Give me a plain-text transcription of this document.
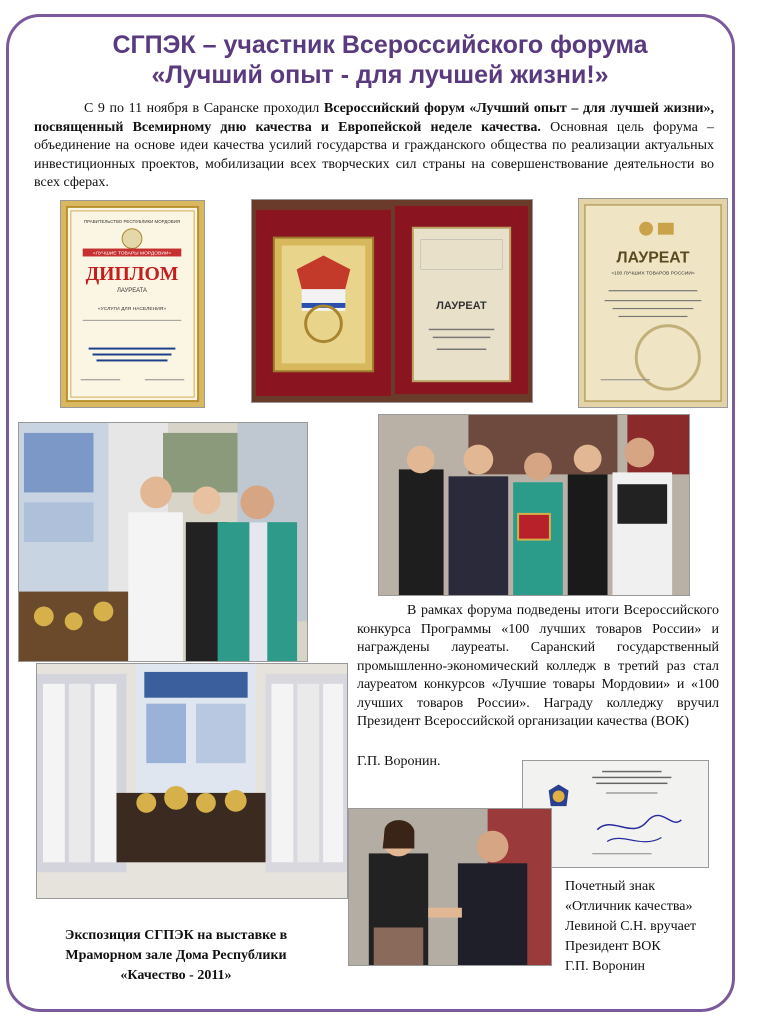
СГПЭК – участник Всероссийского форума
«Лучший опыт - для лучшей жизни!»
С 9 по 11 ноября в Саранске проходил Всероссийский форум «Лучший опыт – для лучшей жизни», посвященный Всемирному дню качества и Европейской неделе качества. Основная цель форума – объединение на основе идеи качества усилий государства и гражданского общества по реализации актуальных инвестиционных проектов, мобилизации всех творческих сил страны на совершенствование деятельности во всех сферах.
ПРАВИТЕЛЬСТВО РЕСПУБЛИКИ МОРДОВИЯ
«ЛУЧШИЕ ТОВАРЫ МОРДОВИИ»
ДИПЛОМ
ЛАУРЕАТА
«УСЛУГИ ДЛЯ НАСЕЛЕНИЯ»	ЛАУРЕАТ
ЛАУРЕАТ
«100 ЛУЧШИХ ТОВАРОВ РОССИИ»
В рамках форума подведены итоги Всероссийского конкурса Программы «100 лучших товаров России» и награждены лауреаты. Саранский государственный промышленно-экономический колледж в третий раз стал лауреатом конкурсов «Лучшие товары Мордовии» и «100 лучших товаров России». Награду колледжу вручил Президент Всероссийской организации качества (ВОК)
Г.П. Воронин.
Экспозиция СГПЭК на выставке в
Мраморном зале Дома Республики
«Качество - 2011»
Почетный знак
«Отличник качества»
Левиной С.Н. вручает
Президент ВОК
Г.П. Воронин
